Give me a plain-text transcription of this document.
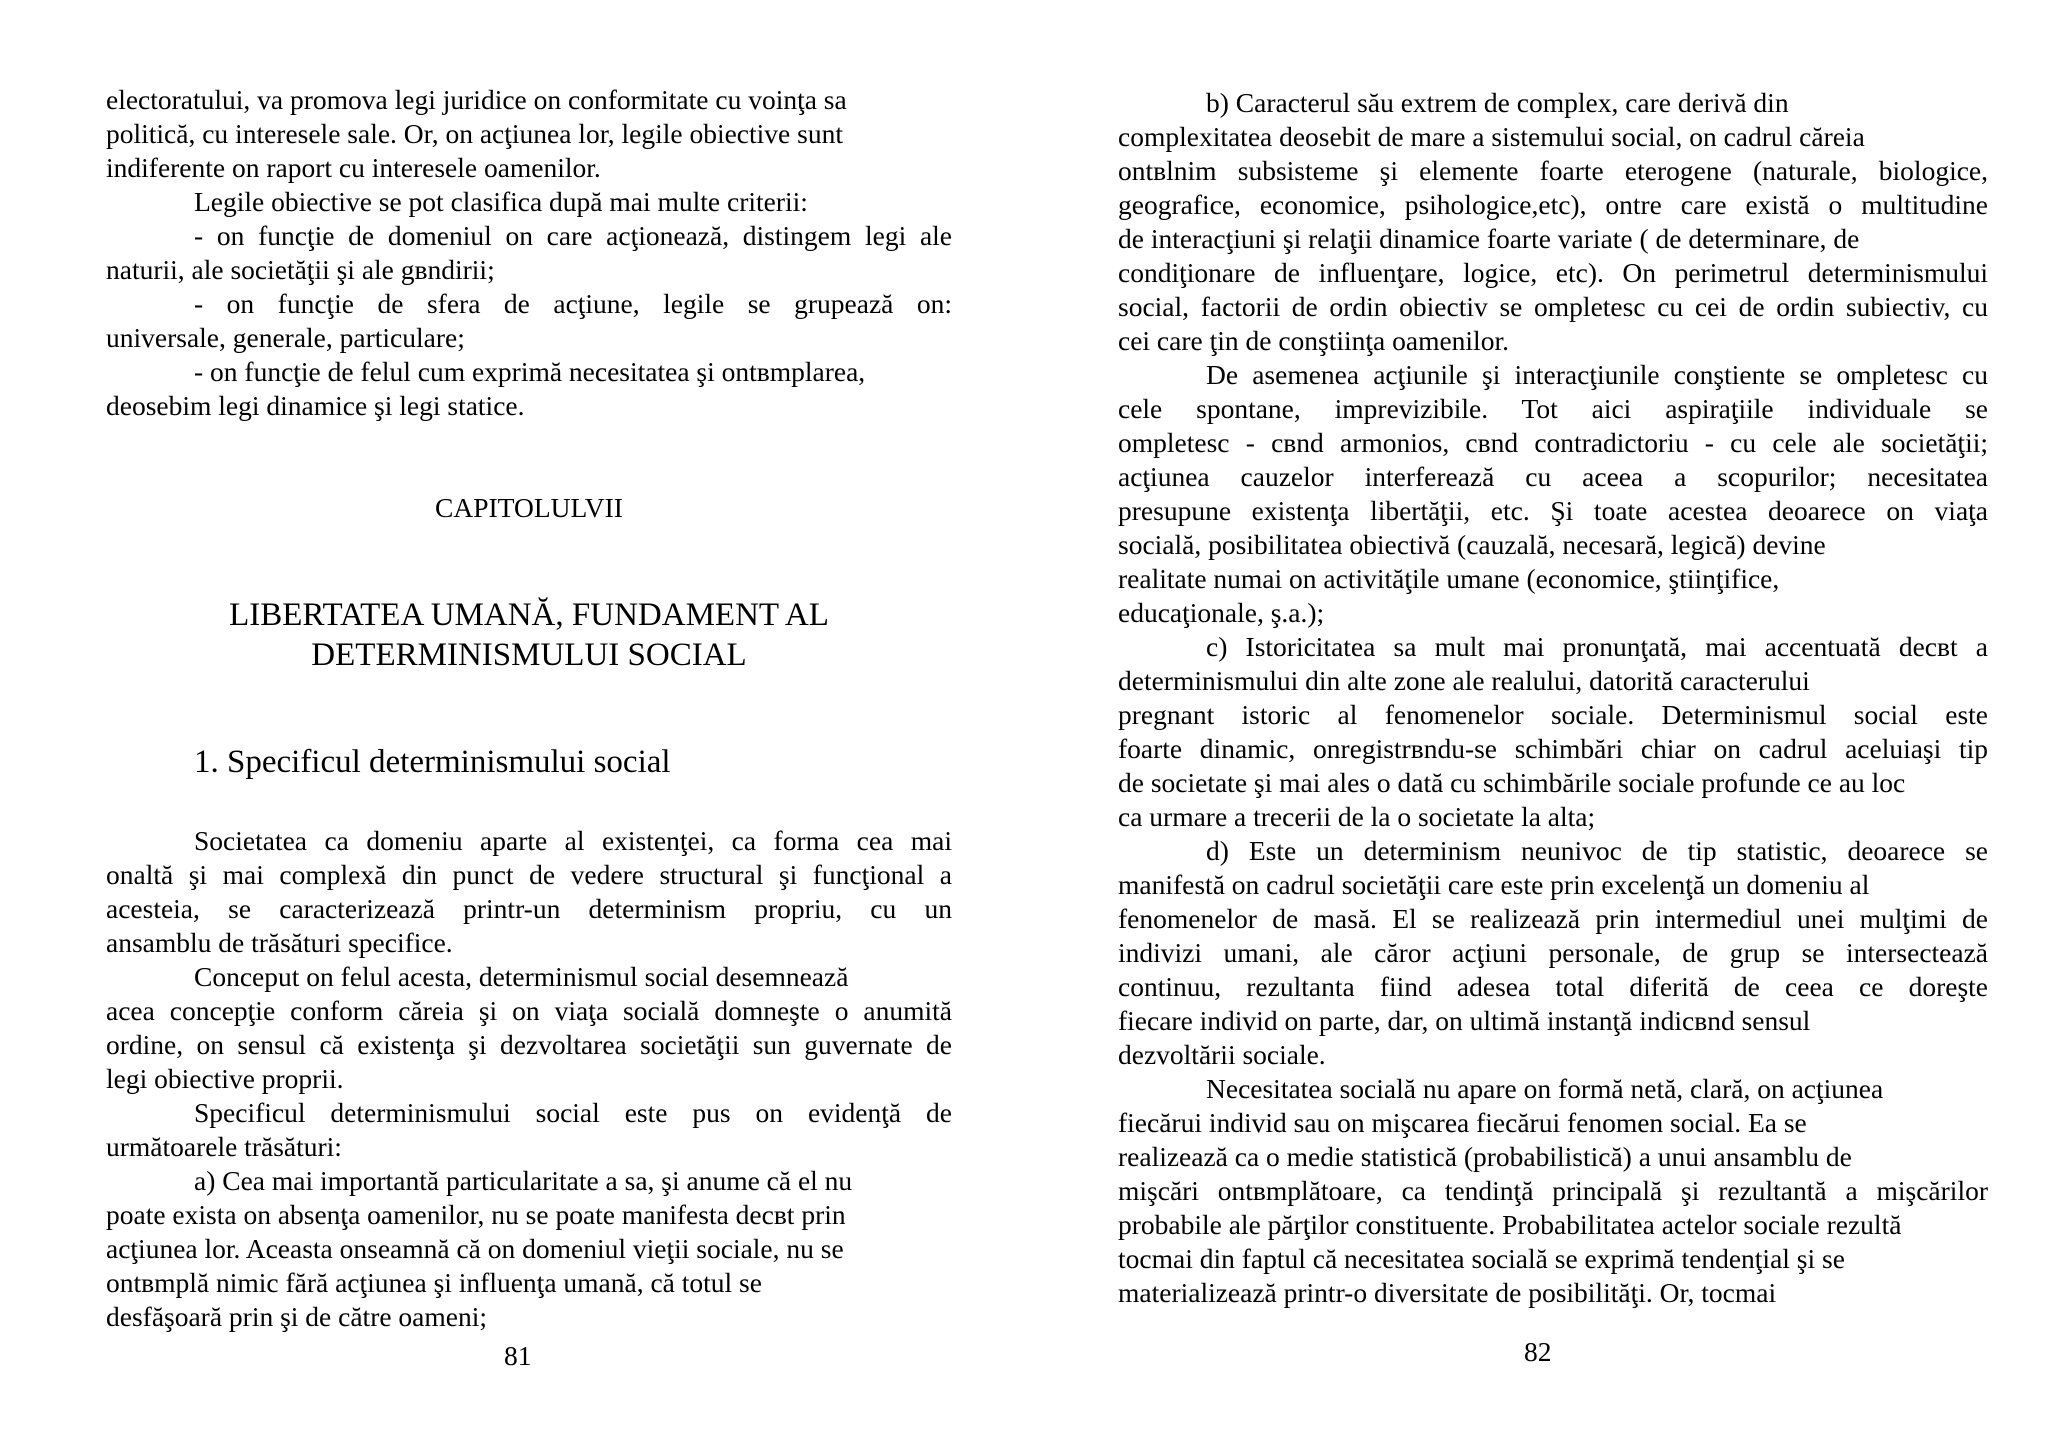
electoratului, va promova legi juridice on conformitate cu voinţa sa
politică, cu interesele sale. Or, on acţiunea lor, legile obiective sunt
indiferente on raport cu interesele oamenilor.
Legile obiective se pot clasifica după mai multe criterii:
- on funcţie de domeniul on care acţionează, distingem legi ale
naturii, ale societăţii şi ale gвndirii;
- on funcţie de sfera de acţiune, legile se grupează on:
universale, generale, particulare;
- on funcţie de felul cum exprimă necesitatea şi ontвmplarea,
deosebim legi dinamice şi legi statice.
CAPITOLULVII
LIBERTATEA UMANĂ, FUNDAMENT AL
DETERMINISMULUI SOCIAL
1. Specificul determinismului social
Societatea ca domeniu aparte al existenţei, ca forma cea mai
onaltă şi mai complexă din punct de vedere structural şi funcţional a
acesteia, se caracterizează printr-un determinism propriu, cu un
ansamblu de trăsături specifice.
Conceput on felul acesta, determinismul social desemnează
acea concepţie conform căreia şi on viaţa socială domneşte o anumită
ordine, on sensul că existenţa şi dezvoltarea societăţii sun guvernate de
legi obiective proprii.
Specificul determinismului social este pus on evidenţă de
următoarele trăsături:
a) Cea mai importantă particularitate a sa, şi anume că el nu
poate exista on absenţa oamenilor, nu se poate manifesta decвt prin
acţiunea lor. Aceasta onseamnă că on domeniul vieţii sociale, nu se
ontвmplă nimic fără acţiunea şi influenţa umană, că totul se
desfăşoară prin şi de către oameni;
81
b) Caracterul său extrem de complex, care derivă din
complexitatea deosebit de mare a sistemului social, on cadrul căreia
ontвlnim subsisteme şi elemente foarte eterogene (naturale, biologice,
geografice, economice, psihologice,etc), ontre care există o multitudine
de interacţiuni şi relaţii dinamice foarte variate ( de determinare, de
condiţionare de influenţare, logice, etc). On perimetrul determinismului
social, factorii de ordin obiectiv se ompletesc cu cei de ordin subiectiv, cu
cei care ţin de conştiinţa oamenilor.
De asemenea acţiunile şi interacţiunile conştiente se ompletesc cu
cele spontane, imprevizibile. Tot aici aspiraţiile individuale se
ompletesc - cвnd armonios, cвnd contradictoriu - cu cele ale societăţii;
acţiunea cauzelor interferează cu aceea a scopurilor; necesitatea
presupune existenţa libertăţii, etc. Şi toate acestea deoarece on viaţa
socială, posibilitatea obiectivă (cauzală, necesară, legică) devine
realitate numai on activităţile umane (economice, ştiinţifice,
educaţionale, ş.a.);
c) Istoricitatea sa mult mai pronunţată, mai accentuată decвt a
determinismului din alte zone ale realului, datorită caracterului
pregnant istoric al fenomenelor sociale. Determinismul social este
foarte dinamic, onregistrвndu-se schimbări chiar on cadrul aceluiaşi tip
de societate şi mai ales o dată cu schimbările sociale profunde ce au loc
ca urmare a trecerii de la o societate la alta;
d) Este un determinism neunivoc de tip statistic, deoarece se
manifestă on cadrul societăţii care este prin excelenţă un domeniu al
fenomenelor de masă. El se realizează prin intermediul unei mulţimi de
indivizi umani, ale căror acţiuni personale, de grup se intersectează
continuu, rezultanta fiind adesea total diferită de ceea ce doreşte
fiecare individ on parte, dar, on ultimă instanţă indicвnd sensul
dezvoltării sociale.
Necesitatea socială nu apare on formă netă, clară, on acţiunea
fiecărui individ sau on mişcarea fiecărui fenomen social. Ea se
realizează ca o medie statistică (probabilistică) a unui ansamblu de
mişcări ontвmplătoare, ca tendinţă principală şi rezultantă a mişcărilor
probabile ale părţilor constituente. Probabilitatea actelor sociale rezultă
tocmai din faptul că necesitatea socială se exprimă tendenţial şi se
materializează printr-o diversitate de posibilităţi. Or, tocmai
82
